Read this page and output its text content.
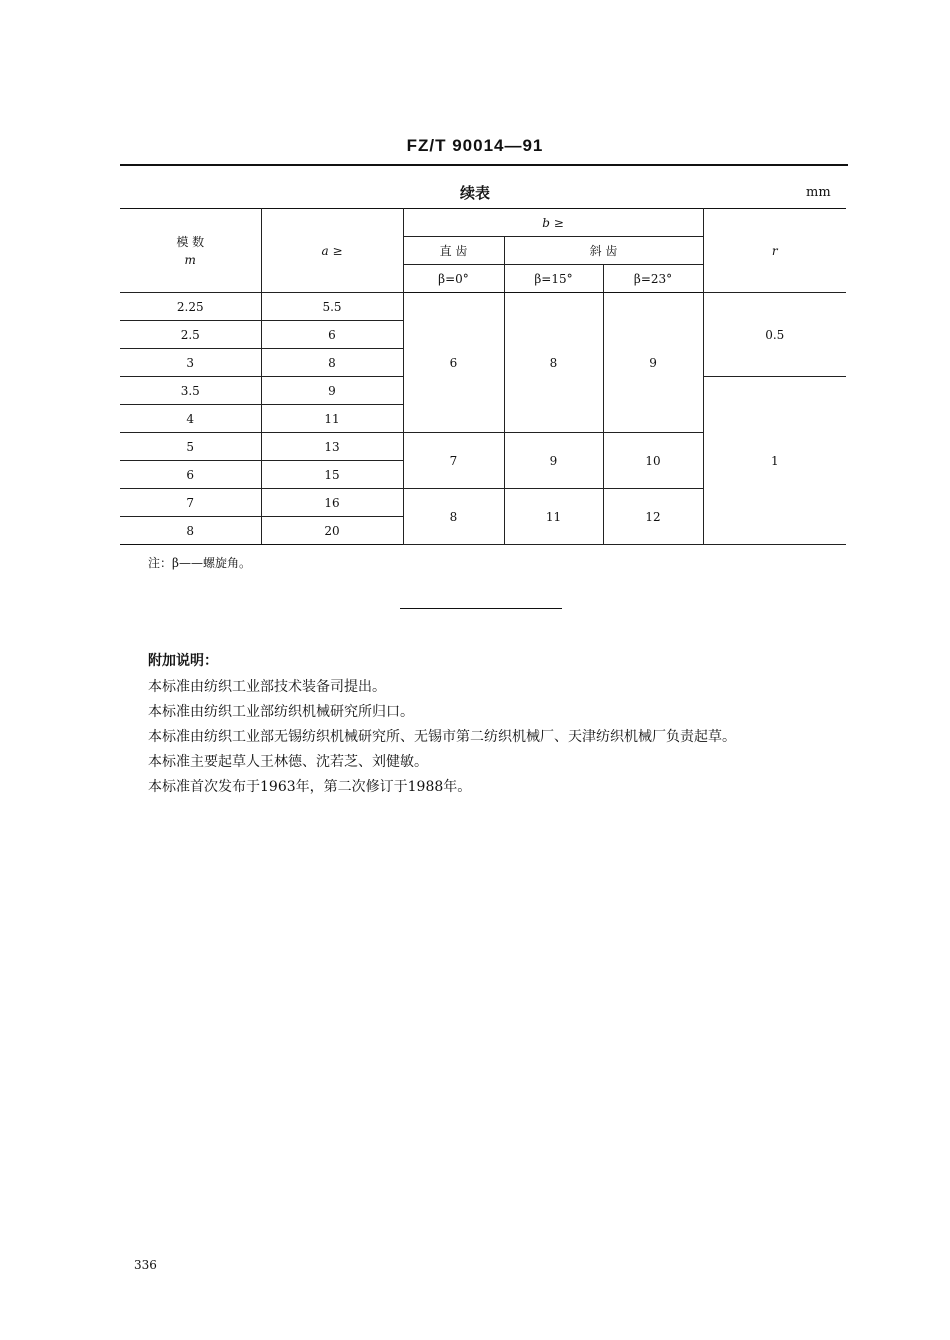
FZ/T 90014—91
续表	mm
模 数
m	a ≥	b ≥			r
		直 齿	斜 齿		
		β=0°	β=15°	β=23°	
2.25	5.5	6	8	9	0.5
2.5	6				
3	8				
3.5	9				1
4	11				
5	13	7	9	10	
6	15				
7	16	8	11	12	
8	20				
注：β——螺旋角。
附加说明：
本标准由纺织工业部技术装备司提出。
本标准由纺织工业部纺织机械研究所归口。
本标准由纺织工业部无锡纺织机械研究所、无锡市第二纺织机械厂、天津纺织机械厂负责起草。
本标准主要起草人王林德、沈若芝、刘健敏。
本标准首次发布于1963年，第二次修订于1988年。
336
